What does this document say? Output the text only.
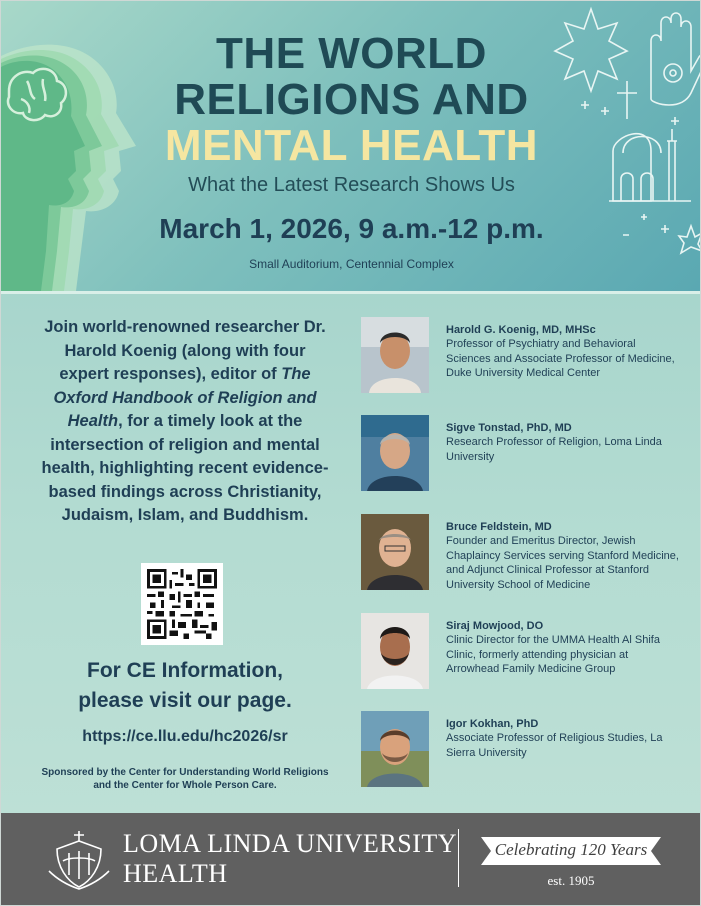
THE WORLD
RELIGIONS AND
MENTAL HEALTH
What the Latest Research Shows Us
March 1, 2026, 9 a.m.-12 p.m.
Small Auditorium, Centennial Complex
Join world-renowned researcher Dr. Harold Koenig (along with four expert responses), editor of The Oxford Handbook of Religion and Health, for a timely look at the intersection of religion and mental health, highlighting recent evidence-based findings across Christianity, Judaism, Islam, and Buddhism.
For CE Information,
please visit our page.
https://ce.llu.edu/hc2026/sr
Sponsored by the Center for Understanding World Religions and the Center for Whole Person Care.
Harold G. Koenig, MD, MHSc
Professor of Psychiatry and Behavioral Sciences and Associate Professor of Medicine, Duke University Medical Center
Sigve Tonstad, PhD, MD
Research Professor of Religion, Loma Linda University
Bruce Feldstein, MD
Founder and Emeritus Director, Jewish Chaplaincy Services serving Stanford Medicine, and Adjunct Clinical Professor at Stanford University School of Medicine
Siraj Mowjood, DO
Clinic Director for the UMMA Health Al Shifa Clinic, formerly attending physician at Arrowhead Family Medicine Group
Igor Kokhan, PhD
Associate Professor of Religious Studies, La Sierra University
LOMA LINDA UNIVERSITY
HEALTH
Celebrating 120 Years
est. 1905
